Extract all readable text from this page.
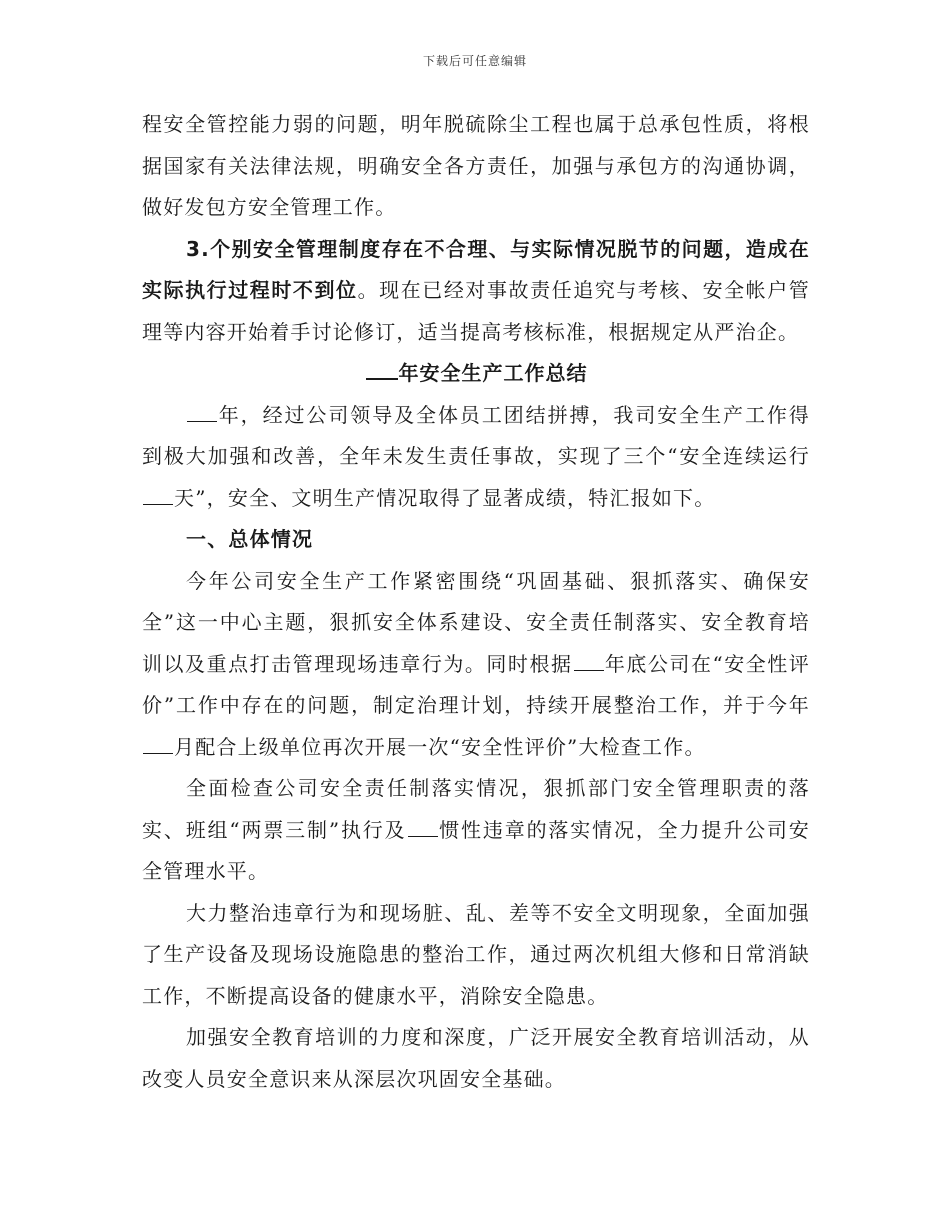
下载后可任意编辑

程安全管控能力弱的问题，明年脱硫除尘工程也属于总承包性质，将根据国家有关法律法规，明确安全各方责任，加强与承包方的沟通协调，做好发包方安全管理工作。

3.个别安全管理制度存在不合理、与实际情况脱节的问题，造成在实际执行过程时不到位。现在已经对事故责任追究与考核、安全帐户管理等内容开始着手讨论修订，适当提高考核标准，根据规定从严治企。

年安全生产工作总结

年，经过公司领导及全体员工团结拼搏，我司安全生产工作得到极大加强和改善，全年未发生责任事故，实现了三个“安全连续运行天”，安全、文明生产情况取得了显著成绩，特汇报如下。

一、总体情况

今年公司安全生产工作紧密围绕“巩固基础、狠抓落实、确保安全”这一中心主题，狠抓安全体系建设、安全责任制落实、安全教育培训以及重点打击管理现场违章行为。同时根据 年底公司在“安全性评价”工作中存在的问题，制定治理计划，持续开展整治工作，并于今年月配合上级单位再次开展一次“安全性评价”大检查工作。

全面检查公司安全责任制落实情况，狠抓部门安全管理职责的落实、班组“两票三制”执行及 惯性违章的落实情况，全力提升公司安全管理水平。

大力整治违章行为和现场脏、乱、差等不安全文明现象，全面加强了生产设备及现场设施隐患的整治工作，通过两次机组大修和日常消缺工作，不断提高设备的健康水平，消除安全隐患。

加强安全教育培训的力度和深度，广泛开展安全教育培训活动，从改变人员安全意识来从深层次巩固安全基础。
